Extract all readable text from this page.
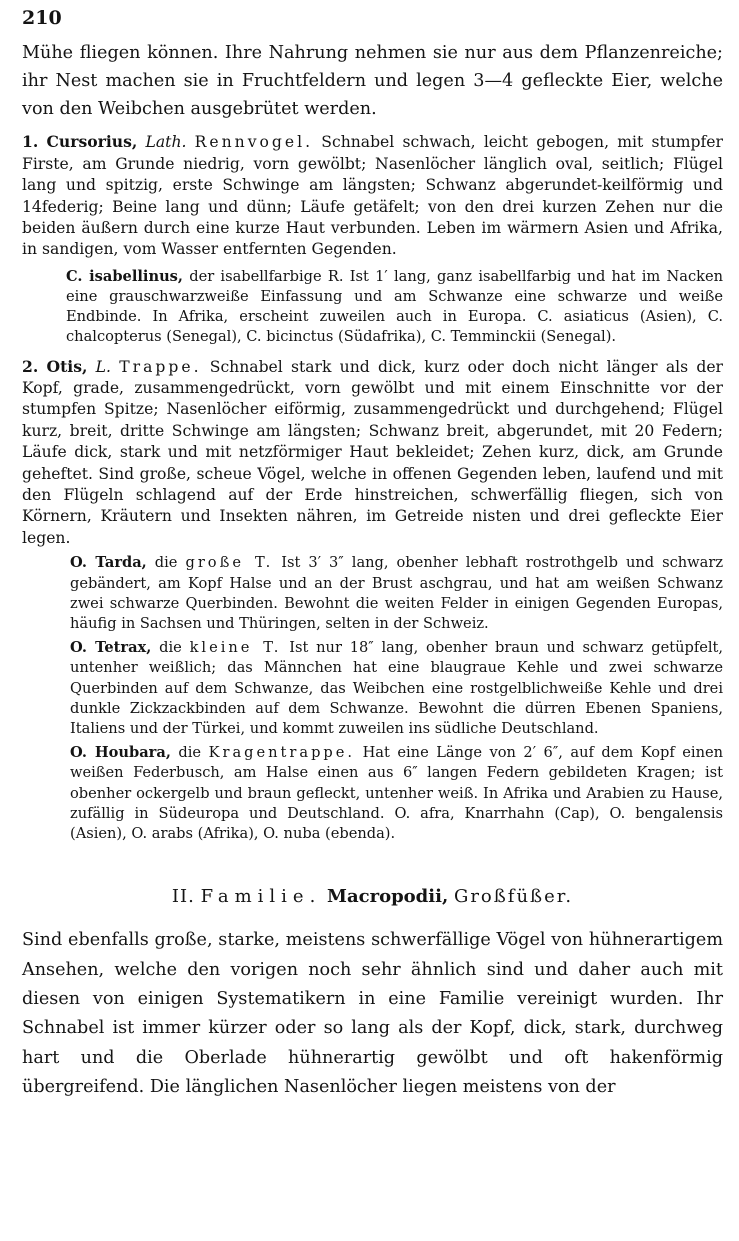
210

Mühe fliegen können. Ihre Nahrung nehmen sie nur aus dem Pflanzenreiche; ihr Nest machen sie in Fruchtfeldern und legen 3—4 gefleckte Eier, welche von den Weibchen ausgebrütet werden.

1. Cursorius, Lath. Rennvogel. Schnabel schwach, leicht gebogen, mit stumpfer Firste, am Grunde niedrig, vorn gewölbt; Nasenlöcher länglich oval, seitlich; Flügel lang und spitzig, erste Schwinge am längsten; Schwanz abgerundet-keilförmig und 14federig; Beine lang und dünn; Läufe getäfelt; von den drei kurzen Zehen nur die beiden äußern durch eine kurze Haut verbunden. Leben im wärmern Asien und Afrika, in sandigen, vom Wasser entfernten Gegenden.

C. isabellinus, der isabellfarbige R. Ist 1′ lang, ganz isabellfarbig und hat im Nacken eine grauschwarzweiße Einfassung und am Schwanze eine schwarze und weiße Endbinde. In Afrika, erscheint zuweilen auch in Europa. C. asiaticus (Asien), C. chalcopterus (Senegal), C. bicinctus (Südafrika), C. Temminckii (Senegal).

2. Otis, L. Trappe. Schnabel stark und dick, kurz oder doch nicht länger als der Kopf, grade, zusammengedrückt, vorn gewölbt und mit einem Einschnitte vor der stumpfen Spitze; Nasenlöcher eiförmig, zusammengedrückt und durchgehend; Flügel kurz, breit, dritte Schwinge am längsten; Schwanz breit, abgerundet, mit 20 Federn; Läufe dick, stark und mit netzförmiger Haut bekleidet; Zehen kurz, dick, am Grunde geheftet. Sind große, scheue Vögel, welche in offenen Gegenden leben, laufend und mit den Flügeln schlagend auf der Erde hinstreichen, schwerfällig fliegen, sich von Körnern, Kräutern und Insekten nähren, im Getreide nisten und drei gefleckte Eier legen.

O. Tarda, die große T. Ist 3′ 3″ lang, obenher lebhaft rostrothgelb und schwarz gebändert, am Kopf Halse und an der Brust aschgrau, und hat am weißen Schwanz zwei schwarze Querbinden. Bewohnt die weiten Felder in einigen Gegenden Europas, häufig in Sachsen und Thüringen, selten in der Schweiz.

O. Tetrax, die kleine T. Ist nur 18″ lang, obenher braun und schwarz getüpfelt, untenher weißlich; das Männchen hat eine blaugraue Kehle und zwei schwarze Querbinden auf dem Schwanze, das Weibchen eine rostgelblichweiße Kehle und drei dunkle Zickzackbinden auf dem Schwanze. Bewohnt die dürren Ebenen Spaniens, Italiens und der Türkei, und kommt zuweilen ins südliche Deutschland.

O. Houbara, die Kragentrappe. Hat eine Länge von 2′ 6″, auf dem Kopf einen weißen Federbusch, am Halse einen aus 6″ langen Federn gebildeten Kragen; ist obenher ockergelb und braun gefleckt, untenher weiß. In Afrika und Arabien zu Hause, zufällig in Südeuropa und Deutschland. O. afra, Knarrhahn (Cap), O. bengalensis (Asien), O. arabs (Afrika), O. nuba (ebenda).

II. Familie. Macropodii, Großfüßer.

Sind ebenfalls große, starke, meistens schwerfällige Vögel von hühnerartigem Ansehen, welche den vorigen noch sehr ähnlich sind und daher auch mit diesen von einigen Systematikern in eine Familie vereinigt wurden. Ihr Schnabel ist immer kürzer oder so lang als der Kopf, dick, stark, durchweg hart und die Oberlade hühnerartig gewölbt und oft hakenförmig übergreifend. Die länglichen Nasenlöcher liegen meistens von der
